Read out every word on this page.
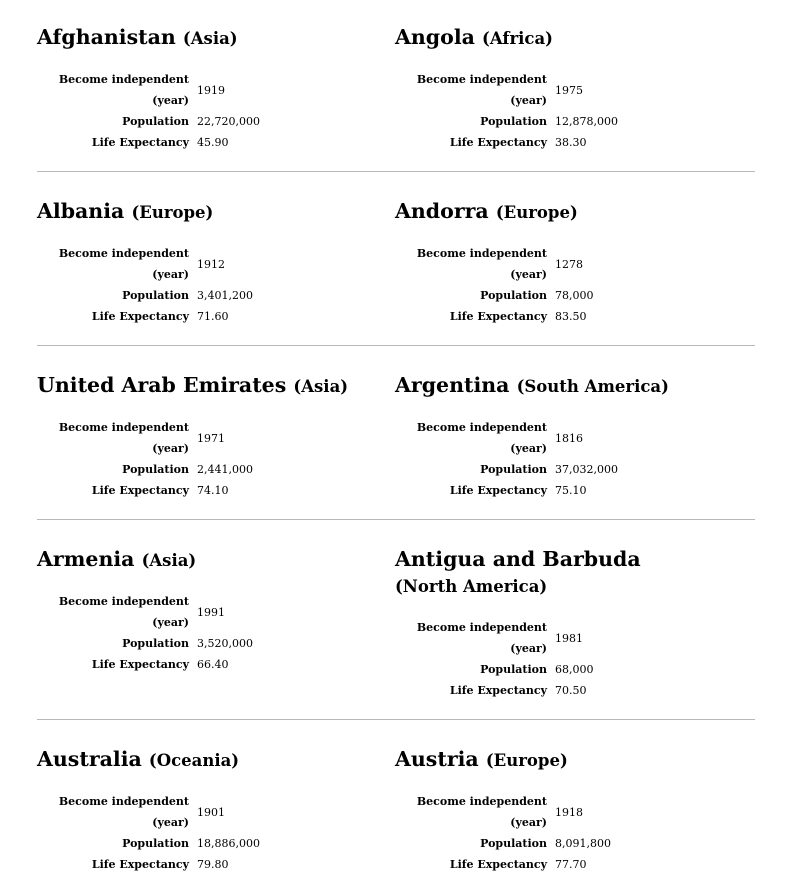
Afghanistan (Asia)
Become independent (year)	1919
Population	22,720,000
Life Expectancy	45.90
Angola (Africa)
Become independent (year)	1975
Population	12,878,000
Life Expectancy	38.30
Albania (Europe)
Become independent (year)	1912
Population	3,401,200
Life Expectancy	71.60
Andorra (Europe)
Become independent (year)	1278
Population	78,000
Life Expectancy	83.50
United Arab Emirates (Asia)
Become independent (year)	1971
Population	2,441,000
Life Expectancy	74.10
Argentina (South America)
Become independent (year)	1816
Population	37,032,000
Life Expectancy	75.10
Armenia (Asia)
Become independent (year)	1991
Population	3,520,000
Life Expectancy	66.40
Antigua and Barbuda (North America)
Become independent (year)	1981
Population	68,000
Life Expectancy	70.50
Australia (Oceania)
Become independent (year)	1901
Population	18,886,000
Life Expectancy	79.80
Austria (Europe)
Become independent (year)	1918
Population	8,091,800
Life Expectancy	77.70
